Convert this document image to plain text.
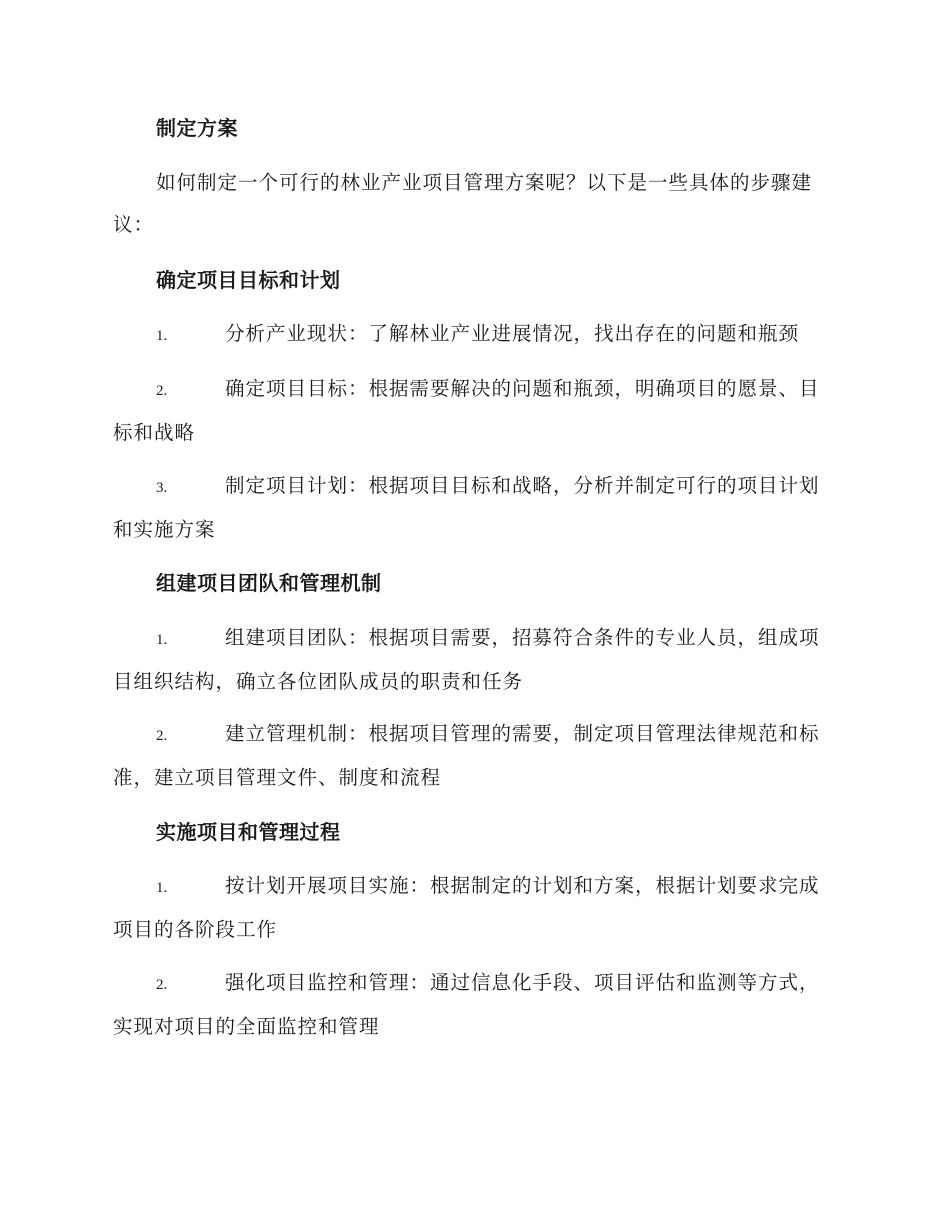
制定方案

如何制定一个可行的林业产业项目管理方案呢？以下是一些具体的步骤建议：

确定项目目标和计划

1.	分析产业现状：了解林业产业进展情况，找出存在的问题和瓶颈

2.	确定项目目标：根据需要解决的问题和瓶颈，明确项目的愿景、目标和战略

3.	制定项目计划：根据项目目标和战略，分析并制定可行的项目计划和实施方案

组建项目团队和管理机制

1.	组建项目团队：根据项目需要，招募符合条件的专业人员，组成项目组织结构，确立各位团队成员的职责和任务

2.	建立管理机制：根据项目管理的需要，制定项目管理法律规范和标准，建立项目管理文件、制度和流程

实施项目和管理过程

1.	按计划开展项目实施：根据制定的计划和方案，根据计划要求完成项目的各阶段工作

2.	强化项目监控和管理：通过信息化手段、项目评估和监测等方式，实现对项目的全面监控和管理
